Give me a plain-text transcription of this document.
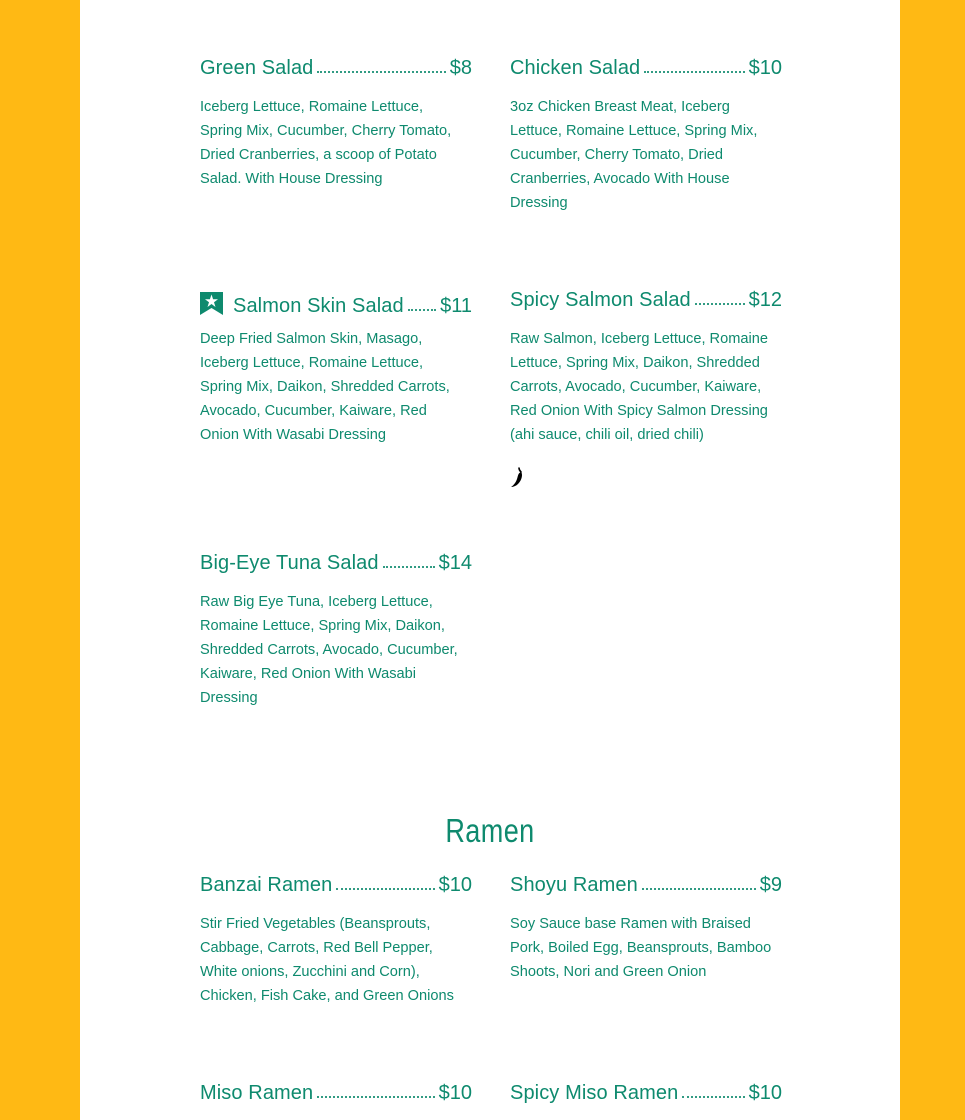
Green Salad	$8
Iceberg Lettuce, Romaine Lettuce, Spring Mix, Cucumber, Cherry Tomato, Dried Cranberries, a scoop of Potato Salad. With House Dressing
Chicken Salad	$10
3oz Chicken Breast Meat, Iceberg Lettuce, Romaine Lettuce, Spring Mix, Cucumber, Cherry Tomato, Dried Cranberries, Avocado With House Dressing
Salmon Skin Salad $11
Deep Fried Salmon Skin, Masago, Iceberg Lettuce, Romaine Lettuce, Spring Mix, Daikon, Shredded Carrots, Avocado, Cucumber, Kaiware, Red Onion With Wasabi Dressing
Spicy Salmon Salad	$12
Raw Salmon, Iceberg Lettuce, Romaine Lettuce, Spring Mix, Daikon, Shredded Carrots, Avocado, Cucumber, Kaiware, Red Onion With Spicy Salmon Dressing (ahi sauce, chili oil, dried chili)
Big-Eye Tuna Salad	$14
Raw Big Eye Tuna, Iceberg Lettuce, Romaine Lettuce, Spring Mix, Daikon, Shredded Carrots, Avocado, Cucumber, Kaiware, Red Onion With Wasabi Dressing
Ramen
Banzai Ramen	$10
Stir Fried Vegetables (Beansprouts, Cabbage, Carrots, Red Bell Pepper, White onions, Zucchini and Corn), Chicken, Fish Cake, and Green Onions
Shoyu Ramen	$9
Soy Sauce base Ramen with Braised Pork, Boiled Egg, Beansprouts, Bamboo Shoots, Nori and Green Onion
Miso Ramen	$10 Spicy Miso Ramen	$10
